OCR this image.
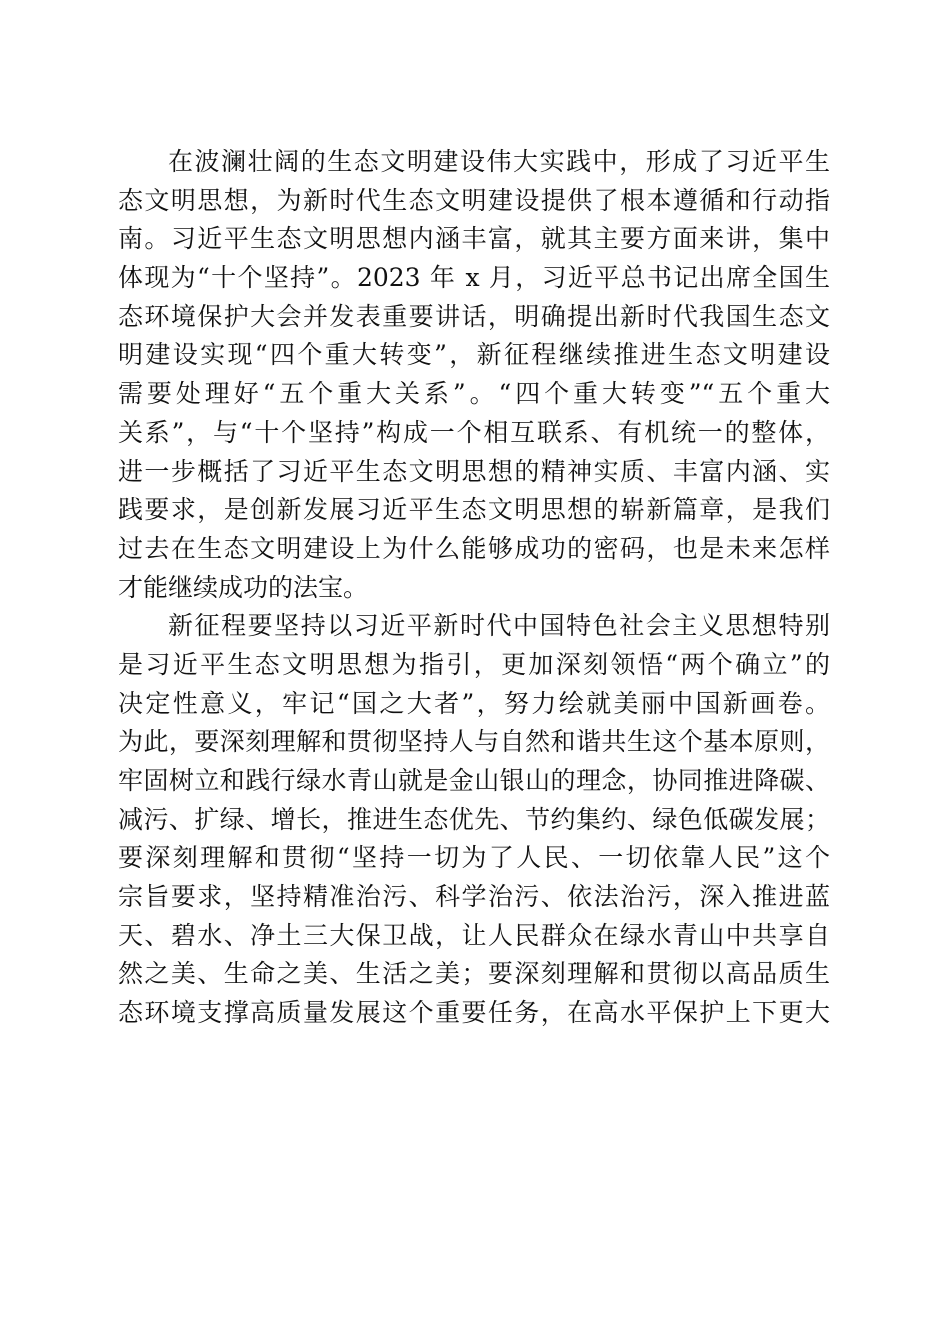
在波澜壮阔的生态文明建设伟大实践中，形成了习近平生
态文明思想，为新时代生态文明建设提供了根本遵循和行动指
南。习近平生态文明思想内涵丰富，就其主要方面来讲，集中
体现为“十个坚持”。2023 年 x 月，习近平总书记出席全国生
态环境保护大会并发表重要讲话，明确提出新时代我国生态文
明建设实现“四个重大转变”，新征程继续推进生态文明建设
需要处理好“五个重大关系”。“四个重大转变”“五个重大
关系”，与“十个坚持”构成一个相互联系、有机统一的整体，
进一步概括了习近平生态文明思想的精神实质、丰富内涵、实
践要求，是创新发展习近平生态文明思想的崭新篇章，是我们
过去在生态文明建设上为什么能够成功的密码，也是未来怎样
才能继续成功的法宝。
新征程要坚持以习近平新时代中国特色社会主义思想特别
是习近平生态文明思想为指引，更加深刻领悟“两个确立”的
决定性意义，牢记“国之大者”，努力绘就美丽中国新画卷。
为此，要深刻理解和贯彻坚持人与自然和谐共生这个基本原则，
牢固树立和践行绿水青山就是金山银山的理念，协同推进降碳、
减污、扩绿、增长，推进生态优先、节约集约、绿色低碳发展；
要深刻理解和贯彻“坚持一切为了人民、一切依靠人民”这个
宗旨要求，坚持精准治污、科学治污、依法治污，深入推进蓝
天、碧水、净土三大保卫战，让人民群众在绿水青山中共享自
然之美、生命之美、生活之美；要深刻理解和贯彻以高品质生
态环境支撑高质量发展这个重要任务，在高水平保护上下更大
